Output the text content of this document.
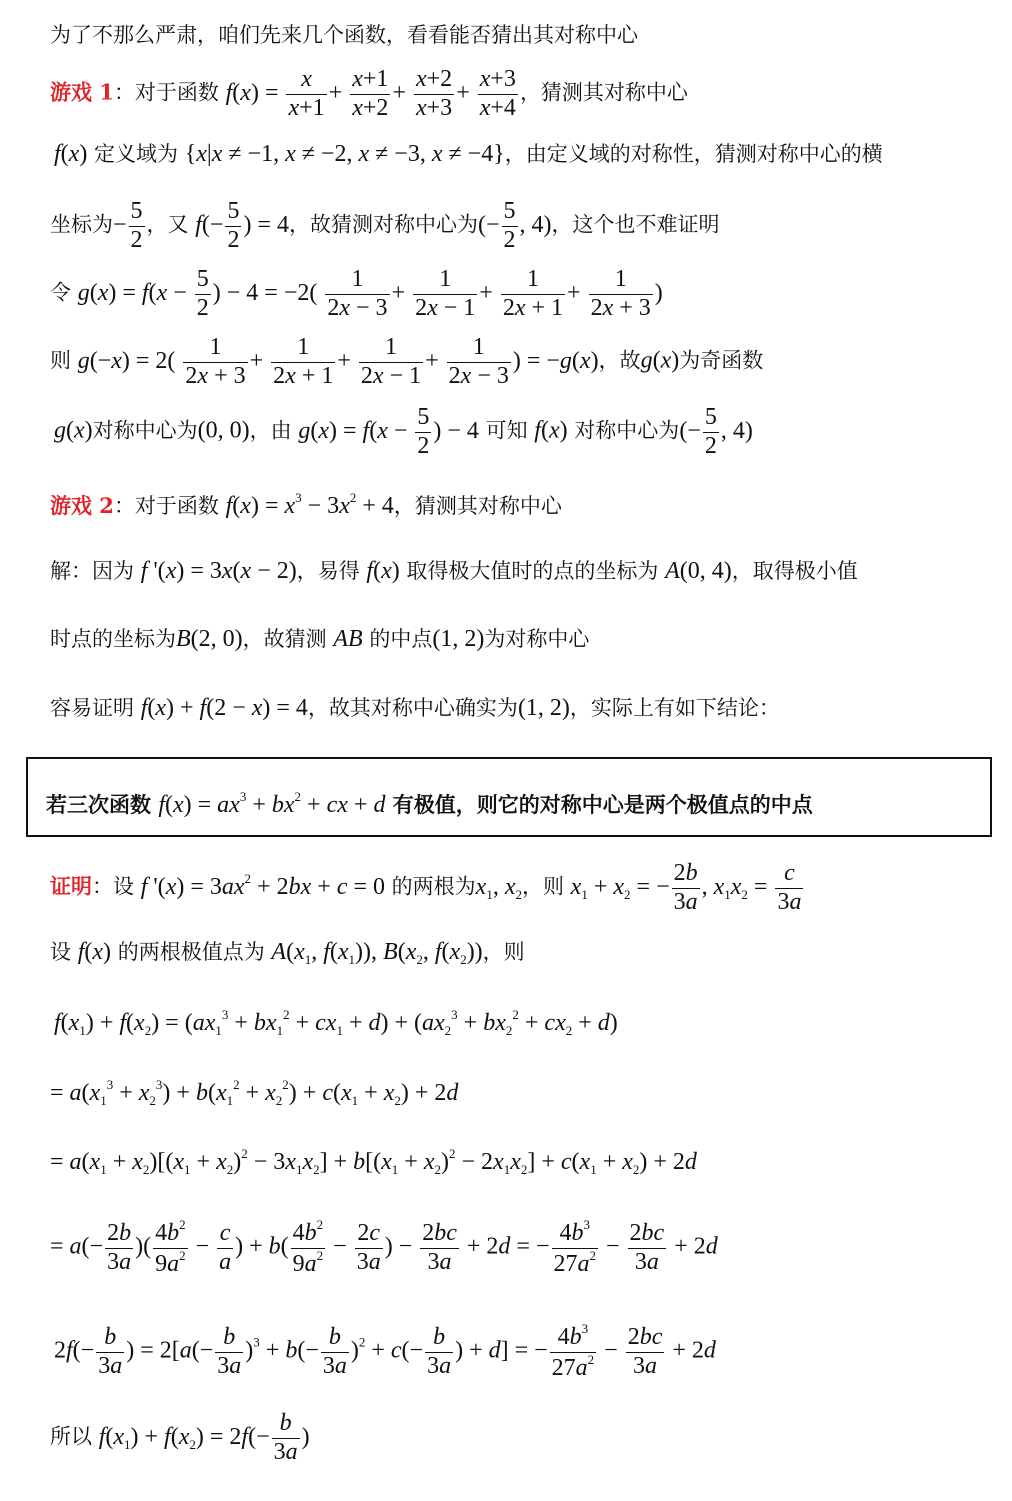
为了不那么严肃，咱们先来几个函数，看看能否猜出其对称中心
游戏 1：对于函数 $f(x) = \frac{x}{x+1} + \frac{x+1}{x+2} + \frac{x+2}{x+3} + \frac{x+3}{x+4}$ ，猜测其对称中心
f(x) 定义域为 {x|x ≠ −1, x ≠ −2, x ≠ −3, x ≠ −4}，由定义域的对称性，猜测对称中心的横
坐标为− $\frac{5}{2}$ ，又 $f(- \frac{5}{2}$ ) = 4，故猜测对称中心为(− $\frac{5}{2}$ , 4)，这个也不难证明
令 $g(x) = f(x - \frac{5}{2}$ ) − $4 = -2( \frac{1}{2x - 3} + \frac{1}{2x - 1} + \frac{1}{2x + 1} + \frac{1}{2x + 3}$ )
则 $g(-x) = 2( \frac{1}{2x + 3} + \frac{1}{2x + 1} + \frac{1}{2x - 1} + \frac{1}{2x - 3}$ ) = −g(x)，故g(x)为奇函数
g(x)对称中心为(0, 0)，由 $g(x) = f(x - \frac{5}{2}$ ) − 4 可知 f(x) 对称中心为(− $\frac{5}{2}$ , 4)
游戏 2：对于函数 $f(x) = x^3 - 3x^2 + 4$，猜测其对称中心
解：因为 f '(x) = 3x(x − 2)，易得 f(x) 取得极大值时的点的坐标为 A(0, 4)，取得极小值
时点的坐标为B(2, 0)，故猜测 AB 的中点(1, 2)为对称中心
容易证明 f(x) + f(2 − x) = 4，故其对称中心确实为(1, 2)，实际上有如下结论：
若三次函数 $f(x) = ax^3 + bx^2$ + cx + d 有极值，则它的对称中心是两个极值点的中点
证明：设 f '$(x) = 3ax^2 + 2bx + c = 0$ 的两根为$x_1$, $x_2$，则 $x_1 + x_2$ = − $\frac{2b}{3a}$ , $x_1x_2 = \frac{c}{3a}$
设 f(x) 的两根极值点为 $A(x_1$, $f(x_1)$), $B(x_2$, $f(x_2)$)，则
$f(x_1) + f(x_2) = (ax_1^3 + bx_1^2 + cx_1 + d) + (ax_2^3 + bx_2^2 + cx_2 + d)$
= $a(x_1^3 + x_2^3) + b(x_1^2 + x_2^2) + c(x_1 + x_2) + 2d$
= $a(x_1 + x_2)[(x_1 + x_2)^2 - 3x_1x_2] + b[(x_1 + x_2)^2 - 2x_1x_2] + c(x_1 + x_2) + 2d$
= $a(- \frac{2b}{3a}$ )( $\frac{4b^2}{9a^2} - \frac{c}{a}$ ) + $b( \frac{4b^2}{9a^2} - \frac{2c}{3a}$ ) − $\frac{2bc}{3a} + 2d$ = − $\frac{4b^3}{27a^2} - \frac{2bc}{3a} + 2d$
$2f(- \frac{b}{3a}$ ) = $2[a(- \frac{b}{3a} )^3 + b(- \frac{b}{3a} )^2 + c(- \frac{b}{3a}$ ) + d] = − $\frac{4b^3}{27a^2} - \frac{2bc}{3a} + 2d$
所以 $f(x_1) + f(x_2) = 2f(- \frac{b}{3a}$ )
